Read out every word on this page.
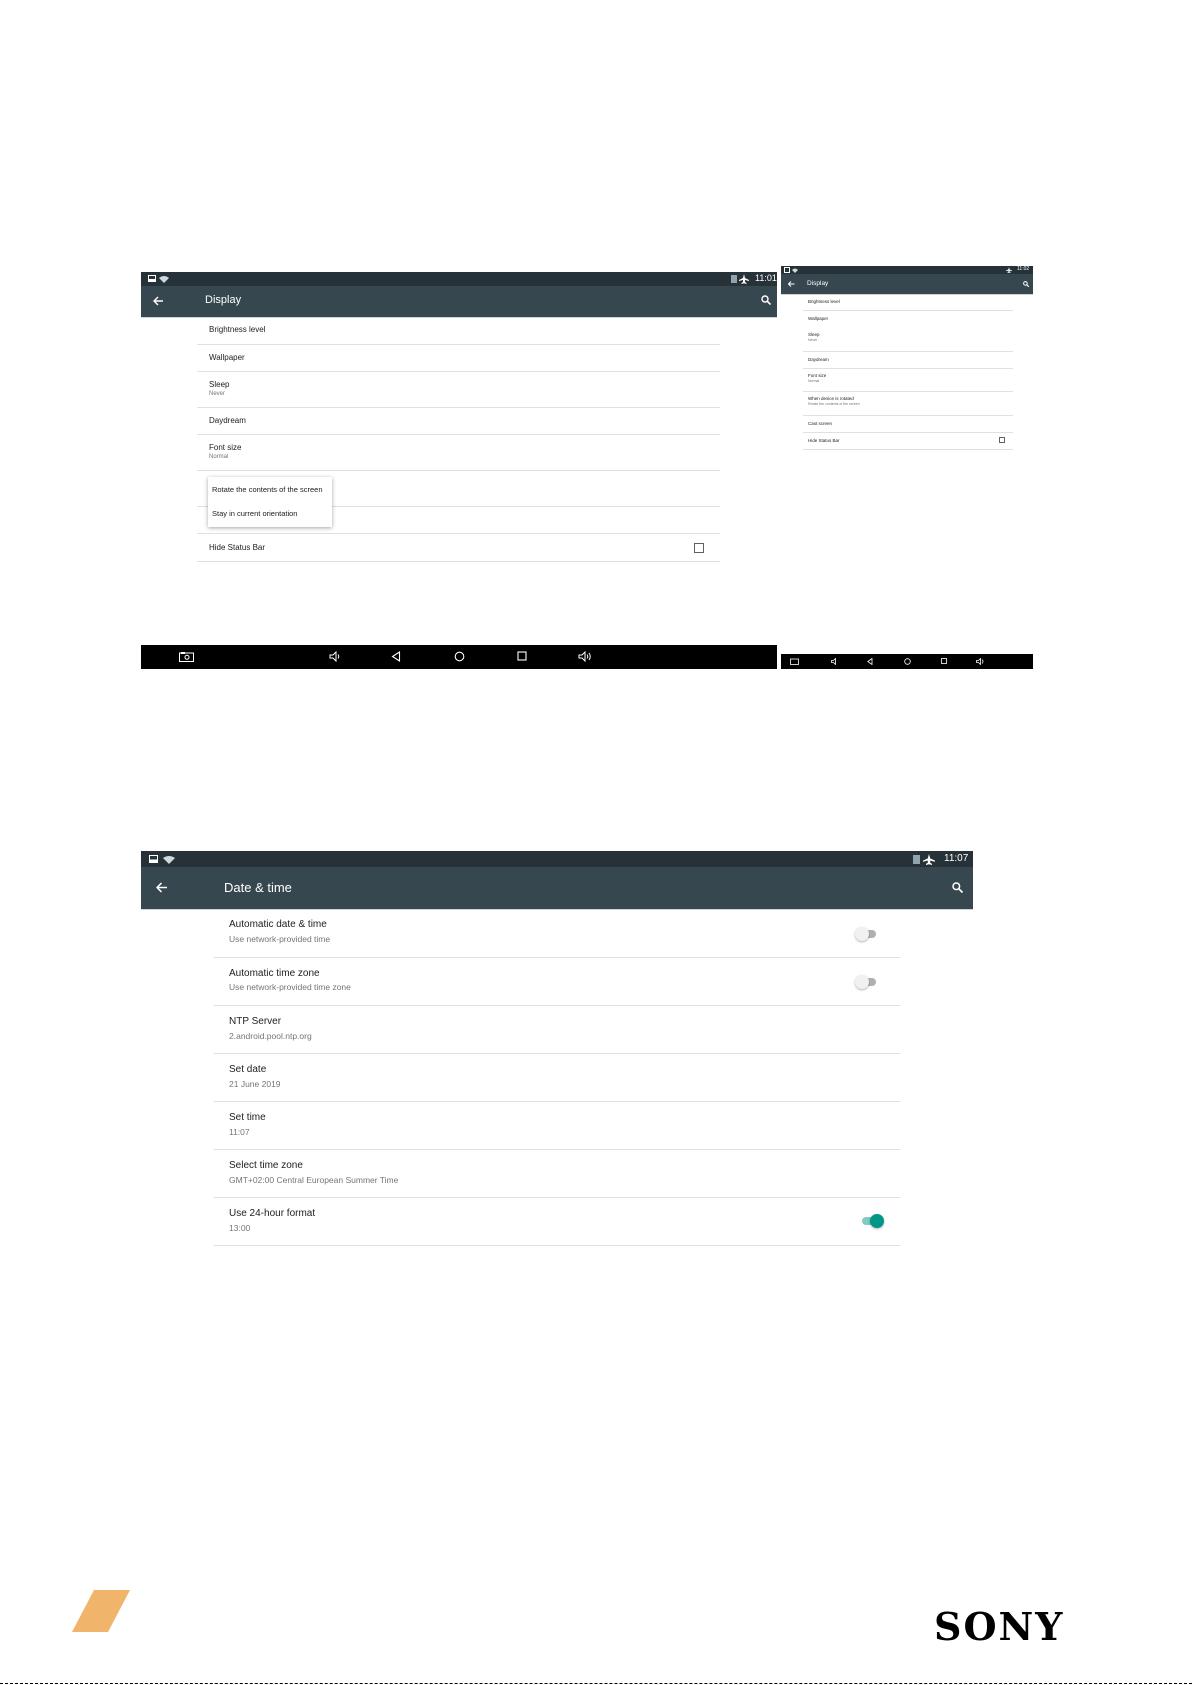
11:01
Display
Brightness level
Wallpaper
Sleep
Never
Daydream
Font size
Normal
Hide Status Bar
Rotate the contents of the screen
Stay in current orientation
11:02
Display
Brightness level
Wallpaper
Sleep
Never
Daydream
Font size
Normal
When device is rotated
Rotate the contents of the screen
Cast screen
Hide Status Bar
11:07
Date & time
Automatic date & time
Use network-provided time
Automatic time zone
Use network-provided time zone
NTP Server
2.android.pool.ntp.org
Set date
21 June 2019
Set time
11:07
Select time zone
GMT+02:00 Central European Summer Time
Use 24-hour format
13:00
SONY
